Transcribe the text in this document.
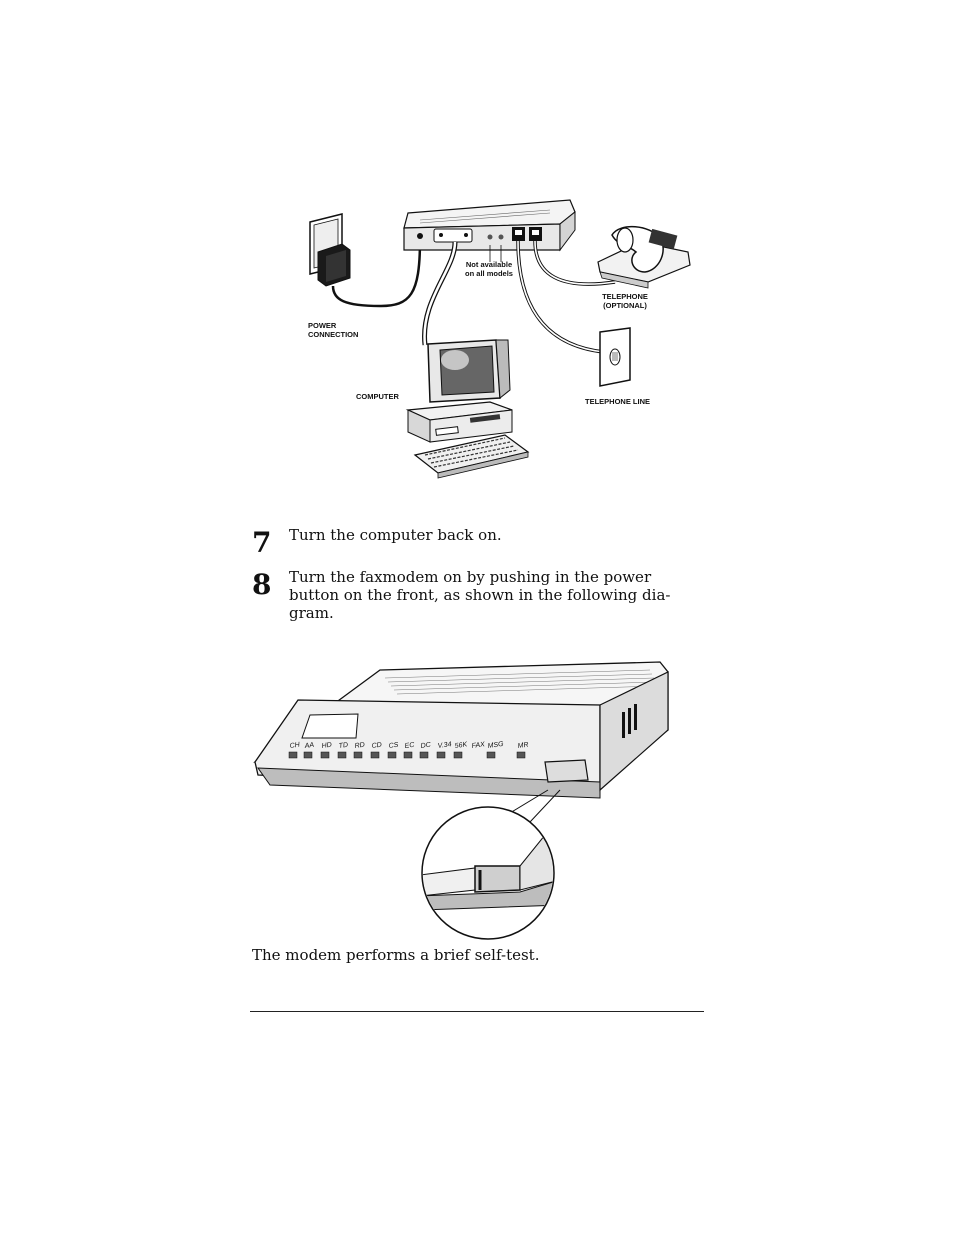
Not available
on all models
TELEPHONE
(OPTIONAL)
POWER
CONNECTION
COMPUTER
TELEPHONE LINE
7 Turn the computer back on.
8 Turn the faxmodem on by pushing in the power button on the front, as shown in the following dia-
gram.
CH AA HD TD RD CD CS EC DC V.34 56K FAX MSG MR
The modem performs a brief self-test.
